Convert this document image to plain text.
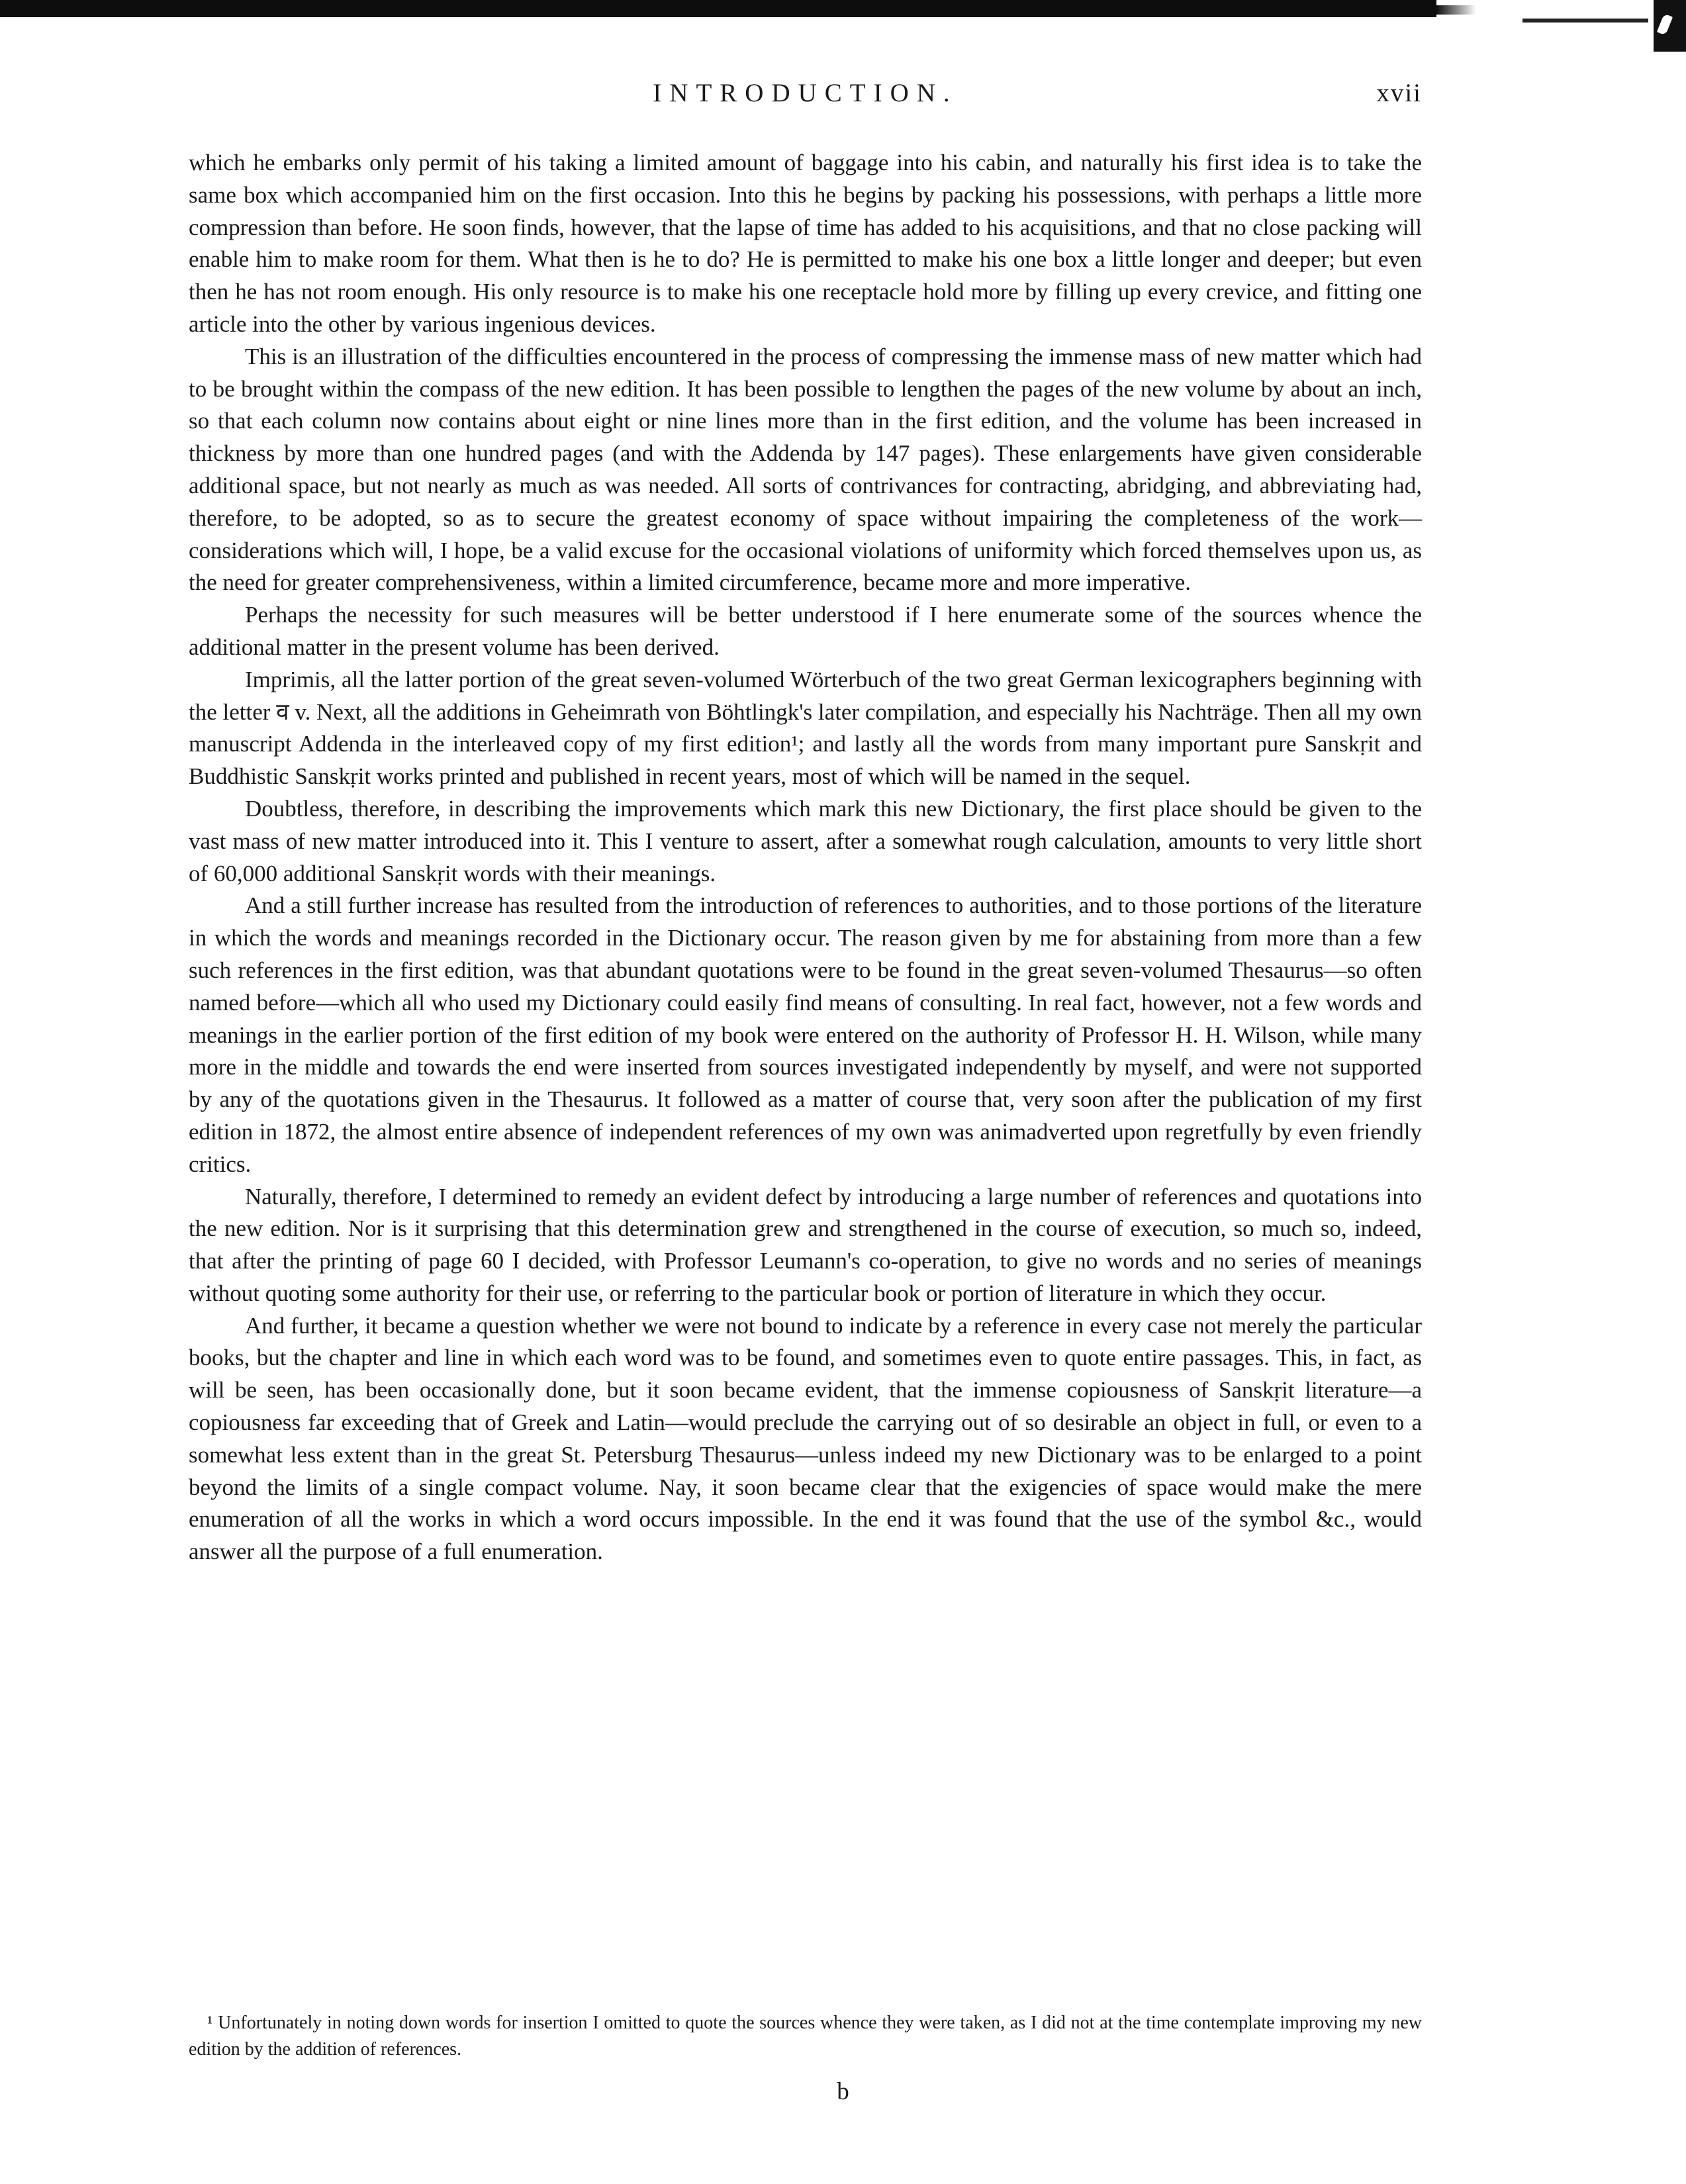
INTRODUCTION.	xvii

which he embarks only permit of his taking a limited amount of baggage into his cabin, and naturally his first idea is to take the same box which accompanied him on the first occasion. Into this he begins by packing his possessions, with perhaps a little more compression than before. He soon finds, however, that the lapse of time has added to his acquisitions, and that no close packing will enable him to make room for them. What then is he to do? He is permitted to make his one box a little longer and deeper; but even then he has not room enough. His only resource is to make his one receptacle hold more by filling up every crevice, and fitting one article into the other by various ingenious devices.

This is an illustration of the difficulties encountered in the process of compressing the immense mass of new matter which had to be brought within the compass of the new edition. It has been possible to lengthen the pages of the new volume by about an inch, so that each column now contains about eight or nine lines more than in the first edition, and the volume has been increased in thickness by more than one hundred pages (and with the Addenda by 147 pages). These enlargements have given considerable additional space, but not nearly as much as was needed. All sorts of contrivances for contracting, abridging, and abbreviating had, therefore, to be adopted, so as to secure the greatest economy of space without impairing the completeness of the work—considerations which will, I hope, be a valid excuse for the occasional violations of uniformity which forced themselves upon us, as the need for greater comprehensiveness, within a limited circumference, became more and more imperative.

Perhaps the necessity for such measures will be better understood if I here enumerate some of the sources whence the additional matter in the present volume has been derived.

Imprimis, all the latter portion of the great seven-volumed Wörterbuch of the two great German lexicographers beginning with the letter व v. Next, all the additions in Geheimrath von Böhtlingk's later compilation, and especially his Nachträge. Then all my own manuscript Addenda in the interleaved copy of my first edition¹; and lastly all the words from many important pure Sanskṛit and Buddhistic Sanskṛit works printed and published in recent years, most of which will be named in the sequel.

Doubtless, therefore, in describing the improvements which mark this new Dictionary, the first place should be given to the vast mass of new matter introduced into it. This I venture to assert, after a somewhat rough calculation, amounts to very little short of 60,000 additional Sanskṛit words with their meanings.

And a still further increase has resulted from the introduction of references to authorities, and to those portions of the literature in which the words and meanings recorded in the Dictionary occur. The reason given by me for abstaining from more than a few such references in the first edition, was that abundant quotations were to be found in the great seven-volumed Thesaurus—so often named before—which all who used my Dictionary could easily find means of consulting. In real fact, however, not a few words and meanings in the earlier portion of the first edition of my book were entered on the authority of Professor H. H. Wilson, while many more in the middle and towards the end were inserted from sources investigated independently by myself, and were not supported by any of the quotations given in the Thesaurus. It followed as a matter of course that, very soon after the publication of my first edition in 1872, the almost entire absence of independent references of my own was animadverted upon regretfully by even friendly critics.

Naturally, therefore, I determined to remedy an evident defect by introducing a large number of references and quotations into the new edition. Nor is it surprising that this determination grew and strengthened in the course of execution, so much so, indeed, that after the printing of page 60 I decided, with Professor Leumann's co-operation, to give no words and no series of meanings without quoting some authority for their use, or referring to the particular book or portion of literature in which they occur.

And further, it became a question whether we were not bound to indicate by a reference in every case not merely the particular books, but the chapter and line in which each word was to be found, and sometimes even to quote entire passages. This, in fact, as will be seen, has been occasionally done, but it soon became evident, that the immense copiousness of Sanskṛit literature—a copiousness far exceeding that of Greek and Latin—would preclude the carrying out of so desirable an object in full, or even to a somewhat less extent than in the great St. Petersburg Thesaurus—unless indeed my new Dictionary was to be enlarged to a point beyond the limits of a single compact volume. Nay, it soon became clear that the exigencies of space would make the mere enumeration of all the works in which a word occurs impossible. In the end it was found that the use of the symbol &c., would answer all the purpose of a full enumeration.

¹ Unfortunately in noting down words for insertion I omitted to quote the sources whence they were taken, as I did not at the time contemplate improving my new edition by the addition of references.

b
